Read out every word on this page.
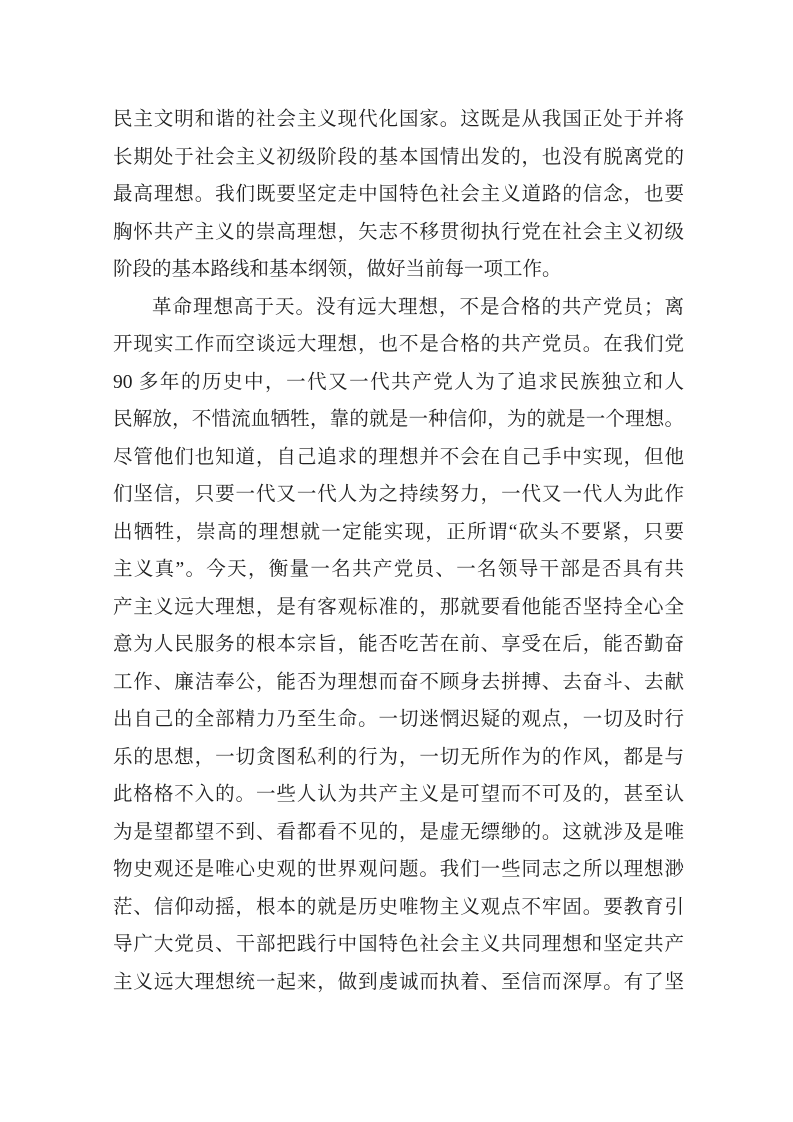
民主文明和谐的社会主义现代化国家。这既是从我国正处于并将
长期处于社会主义初级阶段的基本国情出发的，也没有脱离党的
最高理想。我们既要坚定走中国特色社会主义道路的信念，也要
胸怀共产主义的崇高理想，矢志不移贯彻执行党在社会主义初级
阶段的基本路线和基本纲领，做好当前每一项工作。
革命理想高于天。没有远大理想，不是合格的共产党员；离
开现实工作而空谈远大理想，也不是合格的共产党员。在我们党
90 多年的历史中，一代又一代共产党人为了追求民族独立和人
民解放，不惜流血牺牲，靠的就是一种信仰，为的就是一个理想。
尽管他们也知道，自己追求的理想并不会在自己手中实现，但他
们坚信，只要一代又一代人为之持续努力，一代又一代人为此作
出牺牲，崇高的理想就一定能实现，正所谓“砍头不要紧，只要
主义真”。今天，衡量一名共产党员、一名领导干部是否具有共
产主义远大理想，是有客观标准的，那就要看他能否坚持全心全
意为人民服务的根本宗旨，能否吃苦在前、享受在后，能否勤奋
工作、廉洁奉公，能否为理想而奋不顾身去拼搏、去奋斗、去献
出自己的全部精力乃至生命。一切迷惘迟疑的观点，一切及时行
乐的思想，一切贪图私利的行为，一切无所作为的作风，都是与
此格格不入的。一些人认为共产主义是可望而不可及的，甚至认
为是望都望不到、看都看不见的，是虚无缥缈的。这就涉及是唯
物史观还是唯心史观的世界观问题。我们一些同志之所以理想渺
茫、信仰动摇，根本的就是历史唯物主义观点不牢固。要教育引
导广大党员、干部把践行中国特色社会主义共同理想和坚定共产
主义远大理想统一起来，做到虔诚而执着、至信而深厚。有了坚
